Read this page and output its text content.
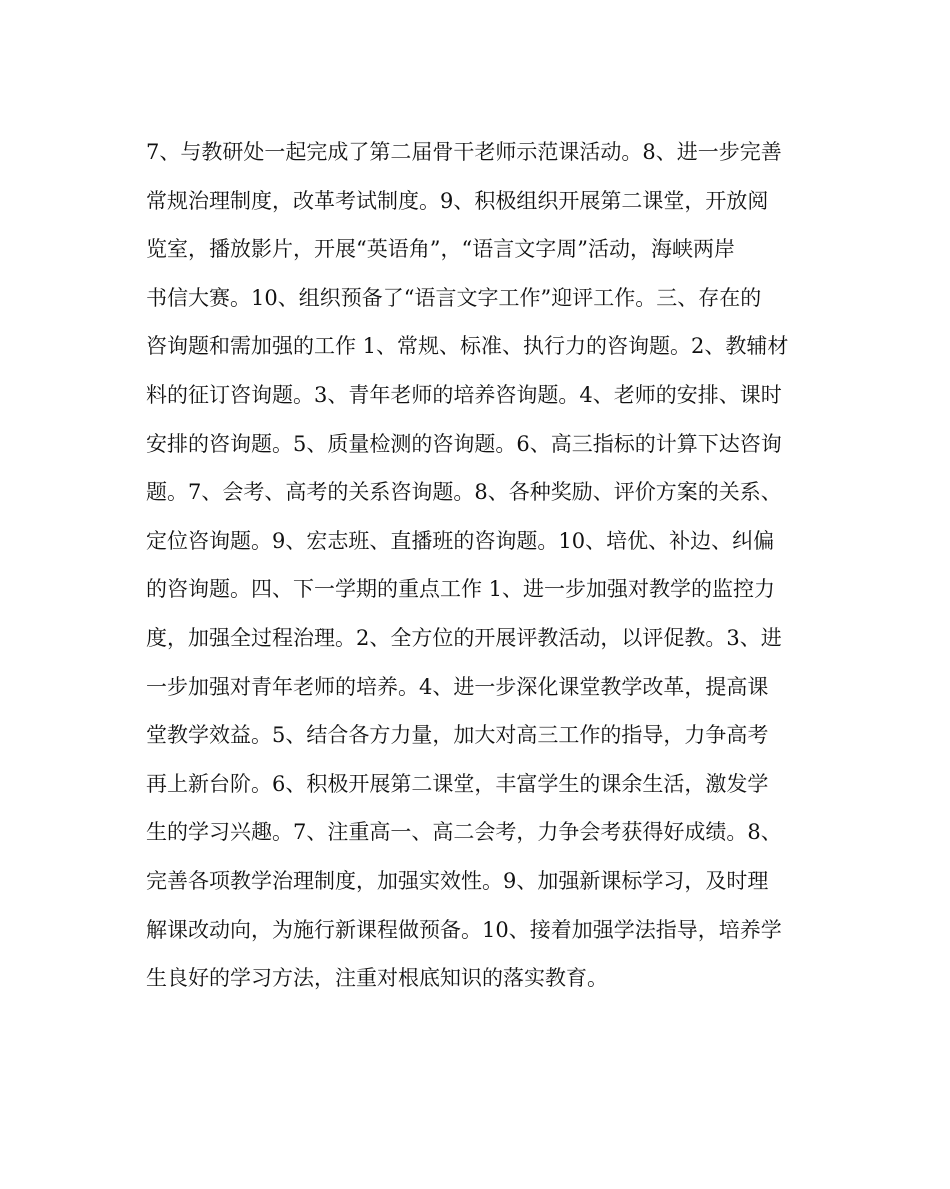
7、与教研处一起完成了第二届骨干老师示范课活动。8、进一步完善
常规治理制度，改革考试制度。9、积极组织开展第二课堂，开放阅
览室，播放影片，开展“英语角”，“语言文字周”活动，海峡两岸
书信大赛。10、组织预备了“语言文字工作”迎评工作。三、存在的
咨询题和需加强的工作 1、常规、标准、执行力的咨询题。2、教辅材
料的征订咨询题。3、青年老师的培养咨询题。4、老师的安排、课时
安排的咨询题。5、质量检测的咨询题。6、高三指标的计算下达咨询
题。7、会考、高考的关系咨询题。8、各种奖励、评价方案的关系、
定位咨询题。9、宏志班、直播班的咨询题。10、培优、补边、纠偏
的咨询题。四、下一学期的重点工作 1、进一步加强对教学的监控力
度，加强全过程治理。2、全方位的开展评教活动，以评促教。3、进
一步加强对青年老师的培养。4、进一步深化课堂教学改革，提高课
堂教学效益。5、结合各方力量，加大对高三工作的指导，力争高考
再上新台阶。6、积极开展第二课堂，丰富学生的课余生活，激发学
生的学习兴趣。7、注重高一、高二会考，力争会考获得好成绩。8、
完善各项教学治理制度，加强实效性。9、加强新课标学习，及时理
解课改动向，为施行新课程做预备。10、接着加强学法指导，培养学
生良好的学习方法，注重对根底知识的落实教育。
